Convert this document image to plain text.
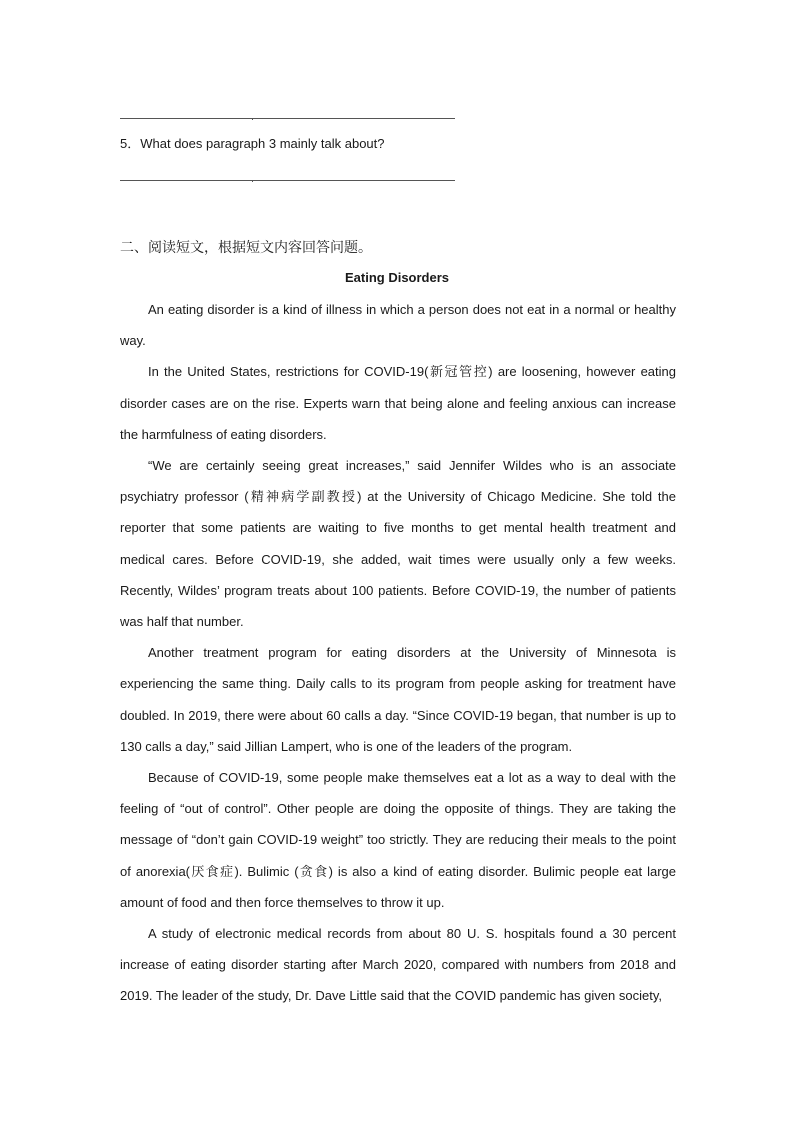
5．What does paragraph 3 mainly talk about?
二、阅读短文，根据短文内容回答问题。
Eating Disorders

An eating disorder is a kind of illness in which a person does not eat in a normal or healthy way.

In the United States, restrictions for COVID-19(新冠管控) are loosening, however eating disorder cases are on the rise. Experts warn that being alone and feeling anxious can increase the harmfulness of eating disorders.

“We are certainly seeing great increases,” said Jennifer Wildes who is an associate psychiatry professor (精神病学副教授) at the University of Chicago Medicine. She told the reporter that some patients are waiting to five months to get mental health treatment and medical cares. Before COVID-19, she added, wait times were usually only a few weeks. Recently, Wildes’ program treats about 100 patients. Before COVID-19, the number of patients was half that number.

Another treatment program for eating disorders at the University of Minnesota is experiencing the same thing. Daily calls to its program from people asking for treatment have doubled. In 2019, there were about 60 calls a day. “Since COVID-19 began, that number is up to 130 calls a day,” said Jillian Lampert, who is one of the leaders of the program.

Because of COVID-19, some people make themselves eat a lot as a way to deal with the feeling of “out of control”. Other people are doing the opposite of things. They are taking the message of “don’t gain COVID-19 weight” too strictly. They are reducing their meals to the point of anorexia(厌食症). Bulimic (贪食) is also a kind of eating disorder. Bulimic people eat large amount of food and then force themselves to throw it up.

A study of electronic medical records from about 80 U. S. hospitals found a 30 percent increase of eating disorder starting after March 2020, compared with numbers from 2018 and 2019. The leader of the study, Dr. Dave Little said that the COVID pandemic has given society,
